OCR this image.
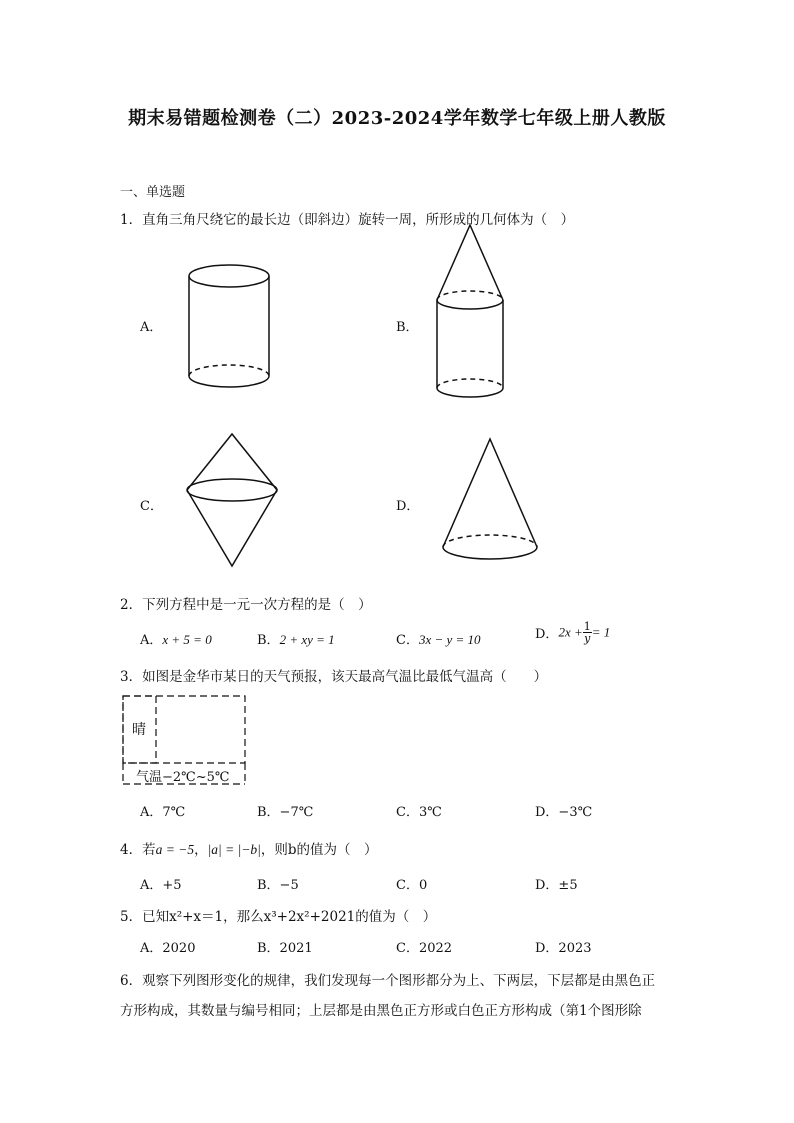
期末易错题检测卷（二）2023-2024学年数学七年级上册人教版
一、单选题
1．直角三角尺绕它的最长边（即斜边）旋转一周，所形成的几何体为（　）
A．	B．
C．	D．
2．下列方程中是一元一次方程的是（　）
A．x + 5 = 0	B．2 + xy = 1	C．3x − y = 10	D．$2x + \frac{1}{y} = 1$
3．如图是金华市某日的天气预报，该天最高气温比最低气温高（　　）
晴
气温−2℃~5℃
A．7℃	B．−7℃	C．3℃	D．−3℃
4．若a = −5，|a| = |−b|，则b的值为（　）
A．+5	B．−5	C．0	D．±5
5．已知x²+x＝1，那么x³+2x²+2021的值为（　）
A．2020	B．2021	C．2022	D．2023
6．观察下列图形变化的规律，我们发现每一个图形都分为上、下两层，下层都是由黑色正
方形构成，其数量与编号相同；上层都是由黑色正方形或白色正方形构成（第1个图形除
